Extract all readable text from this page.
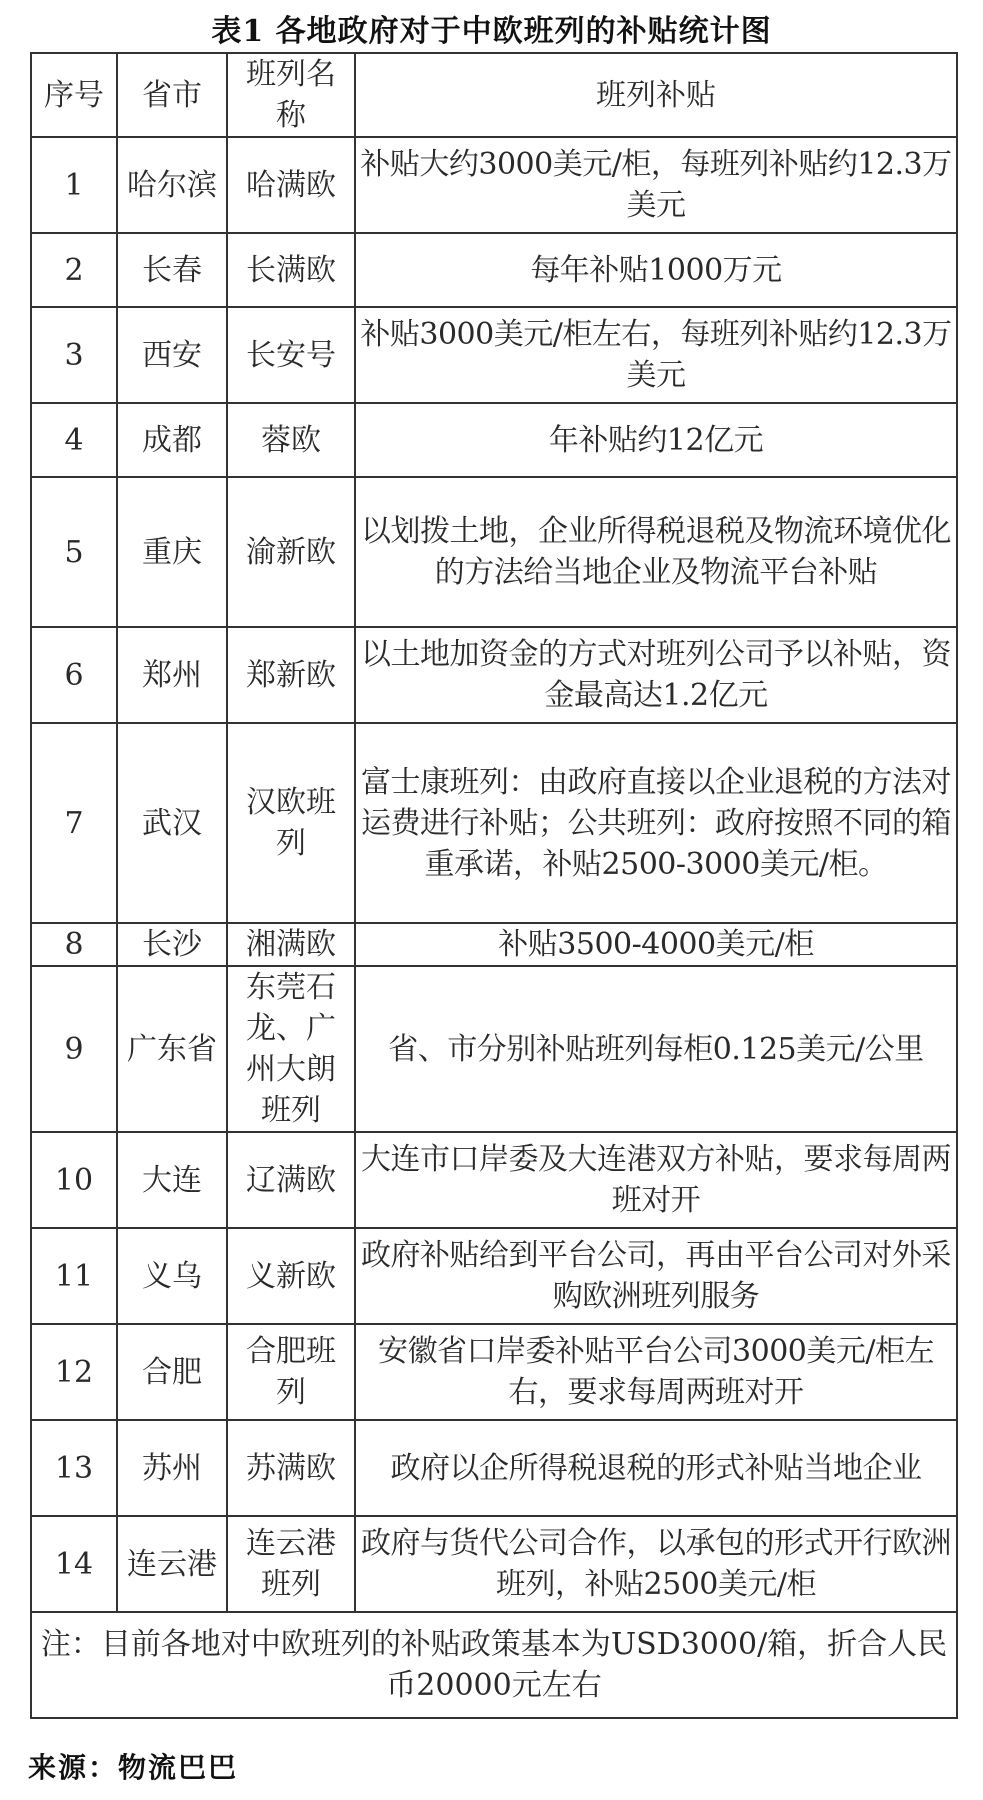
表1 各地政府对于中欧班列的补贴统计图
序号	省市	班列名称	班列补贴
1	哈尔滨	哈满欧	补贴大约3000美元/柜，每班列补贴约12.3万美元
2	长春	长满欧	每年补贴1000万元
3	西安	长安号	补贴3000美元/柜左右，每班列补贴约12.3万美元
4	成都	蓉欧	年补贴约12亿元
5	重庆	渝新欧	以划拨土地，企业所得税退税及物流环境优化的方法给当地企业及物流平台补贴
6	郑州	郑新欧	以土地加资金的方式对班列公司予以补贴，资金最高达1.2亿元
7	武汉	汉欧班列	富士康班列：由政府直接以企业退税的方法对运费进行补贴；公共班列：政府按照不同的箱重承诺，补贴2500-3000美元/柜。
8	长沙	湘满欧	补贴3500-4000美元/柜
9	广东省	东莞石龙、广州大朗班列	省、市分别补贴班列每柜0.125美元/公里
10	大连	辽满欧	大连市口岸委及大连港双方补贴，要求每周两班对开
11	义乌	义新欧	政府补贴给到平台公司，再由平台公司对外采购欧洲班列服务
12	合肥	合肥班列	安徽省口岸委补贴平台公司3000美元/柜左右，要求每周两班对开
13	苏州	苏满欧	政府以企所得税退税的形式补贴当地企业
14	连云港	连云港班列	政府与货代公司合作，以承包的形式开行欧洲班列，补贴2500美元/柜
注：目前各地对中欧班列的补贴政策基本为USD3000/箱，折合人民币20000元左右			
来源：物流巴巴
